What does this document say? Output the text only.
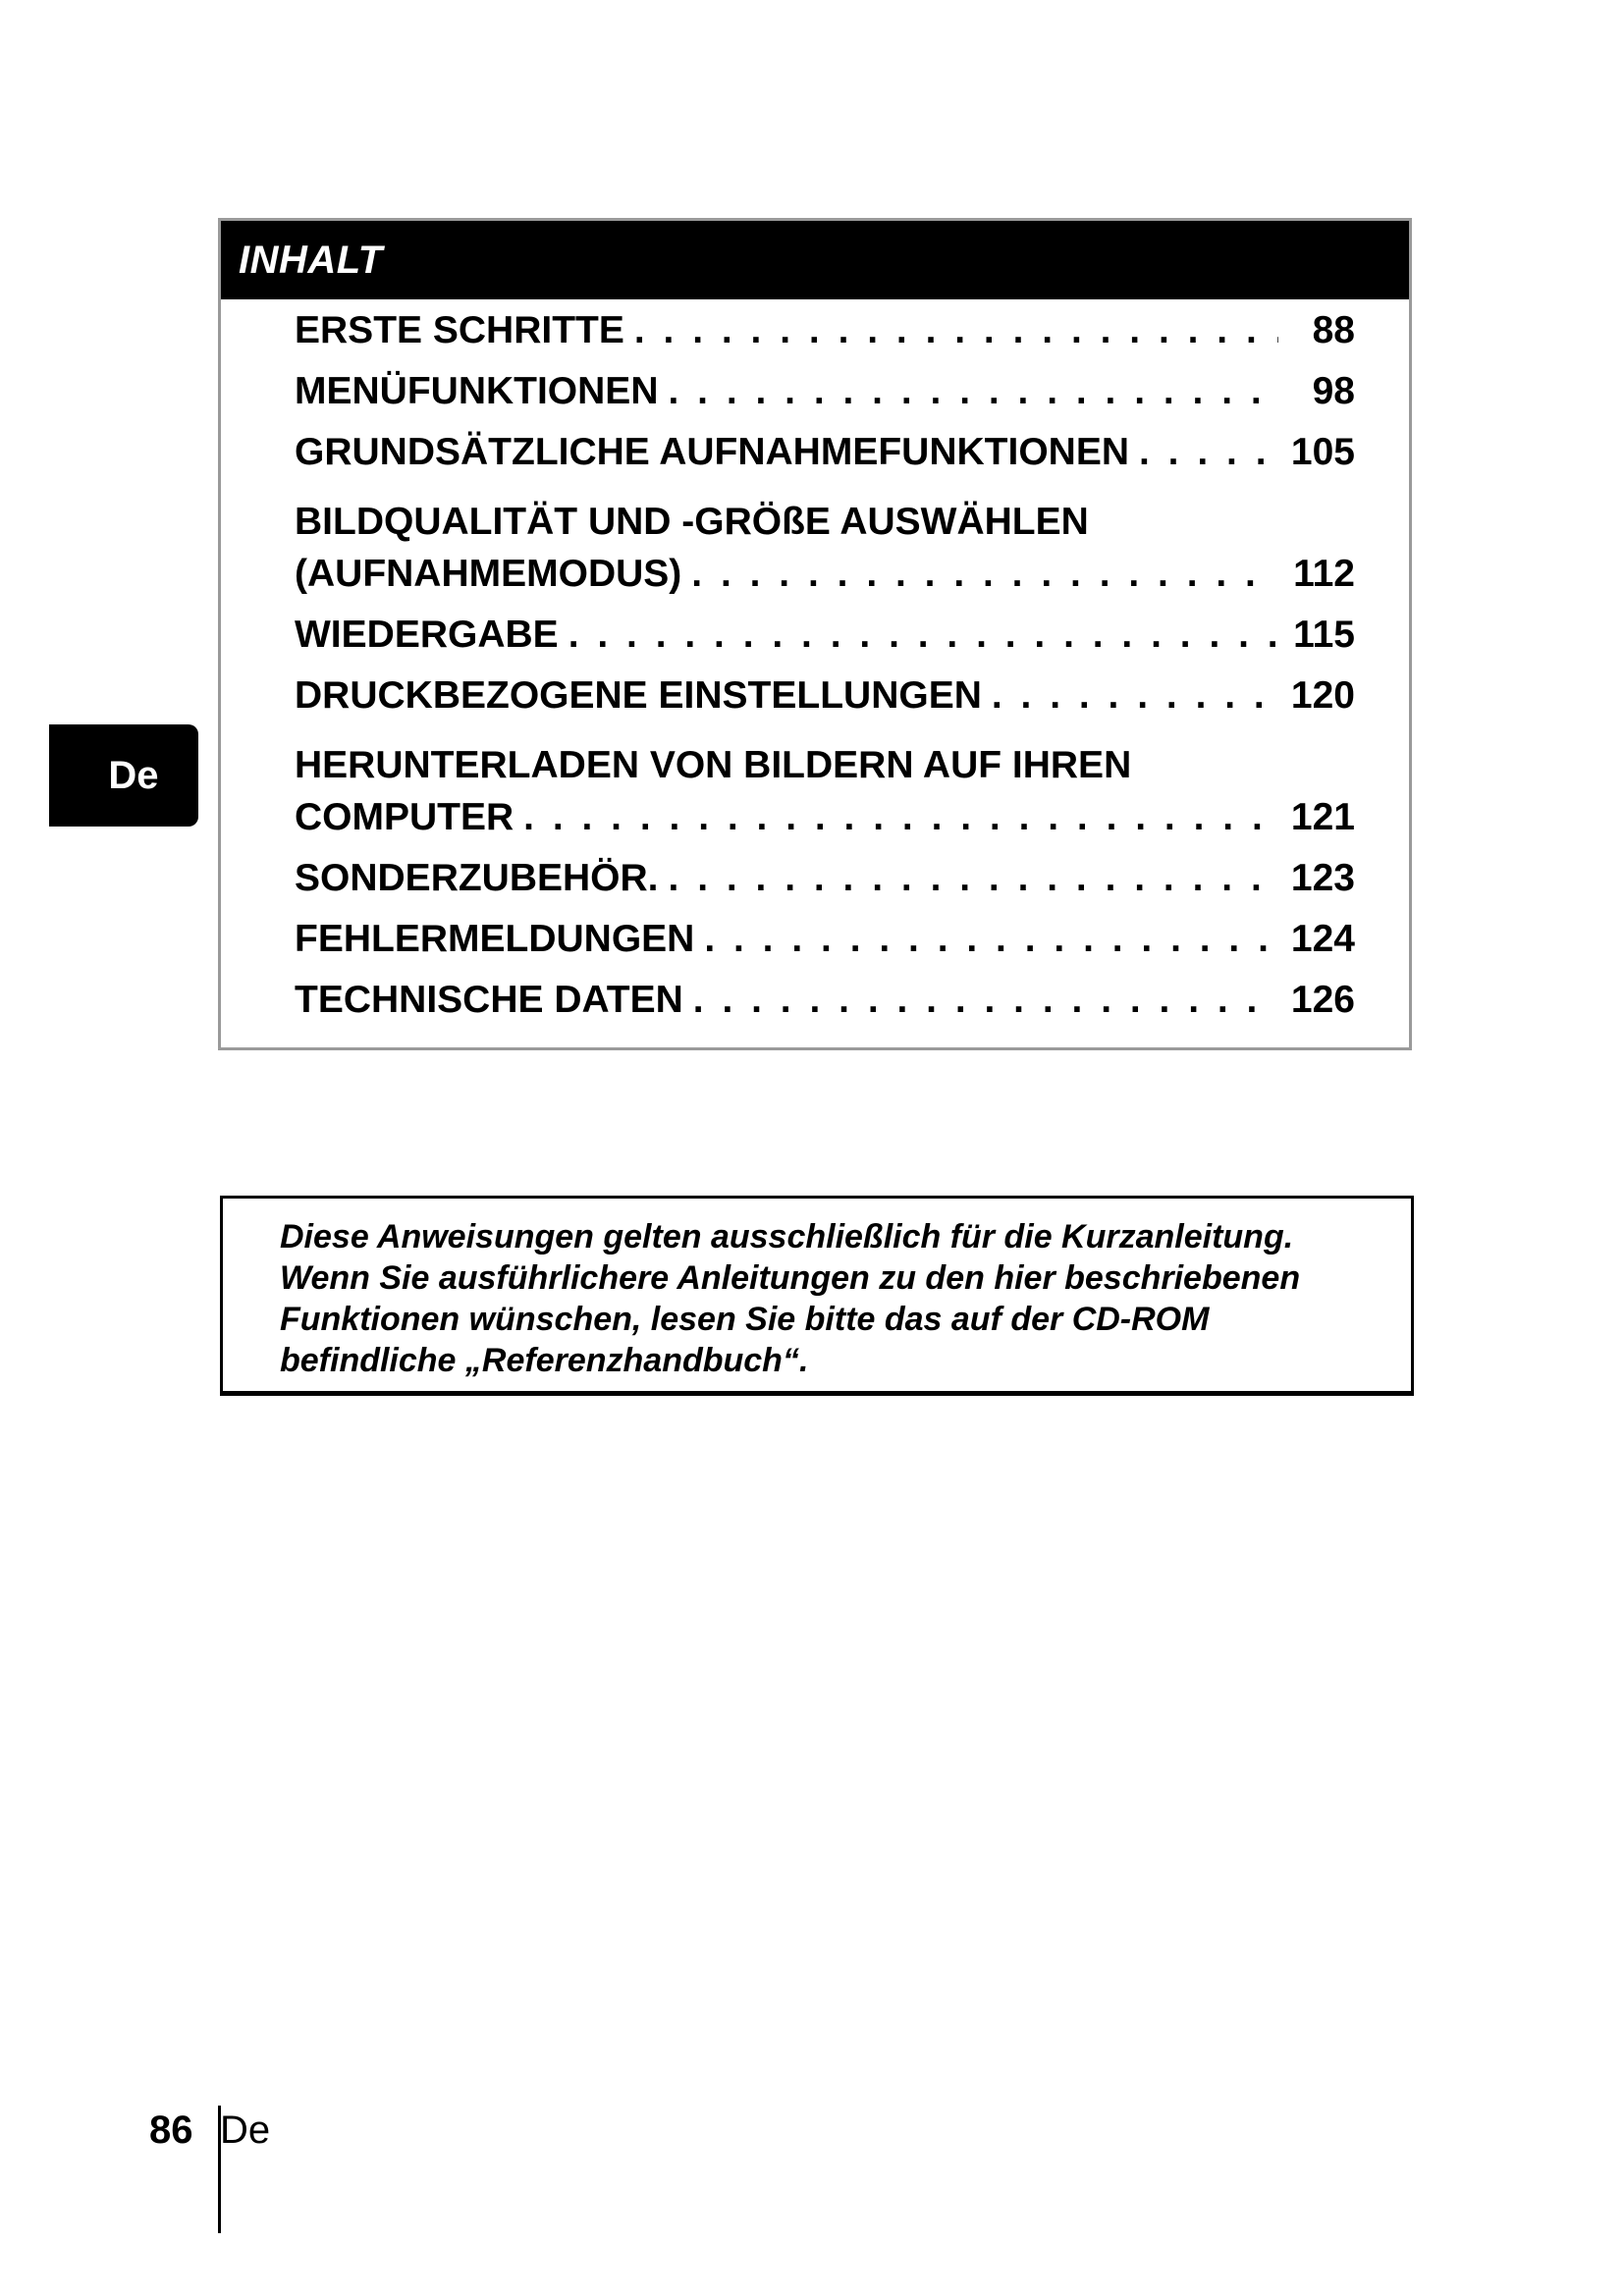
INHALT
ERSTE SCHRITTE . . .	88
MENÜFUNKTIONEN . . .	98
GRUNDSÄTZLICHE AUFNAHMEFUNKTIONEN . . .	105
BILDQUALITÄT UND -GRÖßE AUSWÄHLEN
(AUFNAHMEMODUS) . . .	112
WIEDERGABE . . .	115
DRUCKBEZOGENE EINSTELLUNGEN . . .	120
HERUNTERLADEN VON BILDERN AUF IHREN
COMPUTER . . .	121
SONDERZUBEHÖR. . . .	123
FEHLERMELDUNGEN . . .	124
TECHNISCHE DATEN . . .	126
De
Diese Anweisungen gelten ausschließlich für die Kurzanleitung.
Wenn Sie ausführlichere Anleitungen zu den hier beschriebenen
Funktionen wünschen, lesen Sie bitte das auf der CD-ROM
befindliche „Referenzhandbuch“.
86 De
